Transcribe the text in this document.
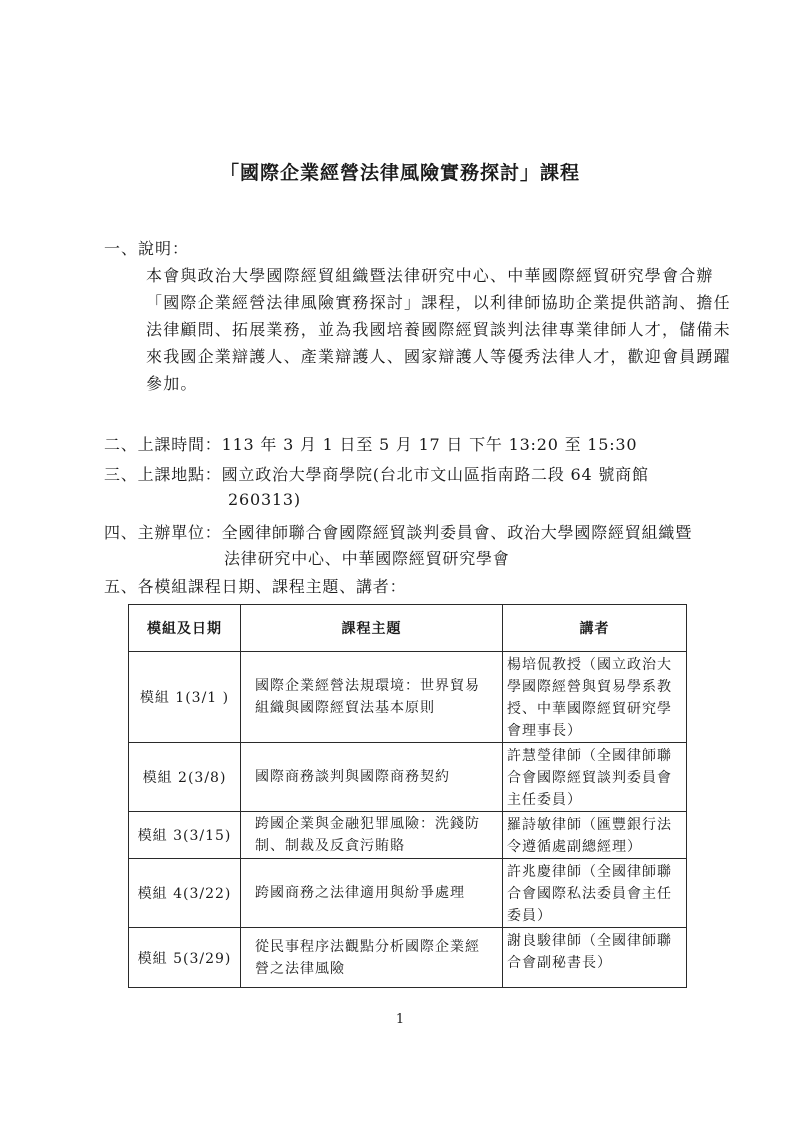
「國際企業經營法律風險實務探討」課程
一、說明：
本會與政治大學國際經貿組織暨法律研究中心、中華國際經貿研究學會合辦「國際企業經營法律風險實務探討」課程，以利律師協助企業提供諮詢、擔任法律顧問、拓展業務，並為我國培養國際經貿談判法律專業律師人才，儲備未來我國企業辯護人、產業辯護人、國家辯護人等優秀法律人才，歡迎會員踴躍參加。
二、上課時間：113 年 3 月 1 日至 5 月 17 日 下午 13:20 至 15:30
三、上課地點：國立政治大學商學院(台北市文山區指南路二段 64 號商館
260313)
四、主辦單位：全國律師聯合會國際經貿談判委員會、政治大學國際經貿組織暨
法律研究中心、中華國際經貿研究學會
五、各模組課程日期、課程主題、講者：
模組及日期	課程主題	講者
模組 1(3/1 )	國際企業經營法規環境：世界貿易組織與國際經貿法基本原則	楊培侃教授（國立政治大學國際經營與貿易學系教授、中華國際經貿研究學會理事長）
模組 2(3/8)	國際商務談判與國際商務契約	許慧瑩律師（全國律師聯合會國際經貿談判委員會主任委員）
模組 3(3/15)	跨國企業與金融犯罪風險：洗錢防制、制裁及反貪污賄賂	羅詩敏律師（匯豐銀行法令遵循處副總經理）
模組 4(3/22)	跨國商務之法律適用與紛爭處理	許兆慶律師（全國律師聯合會國際私法委員會主任委員）
模組 5(3/29)	從民事程序法觀點分析國際企業經營之法律風險	謝良駿律師（全國律師聯合會副秘書長）
1
